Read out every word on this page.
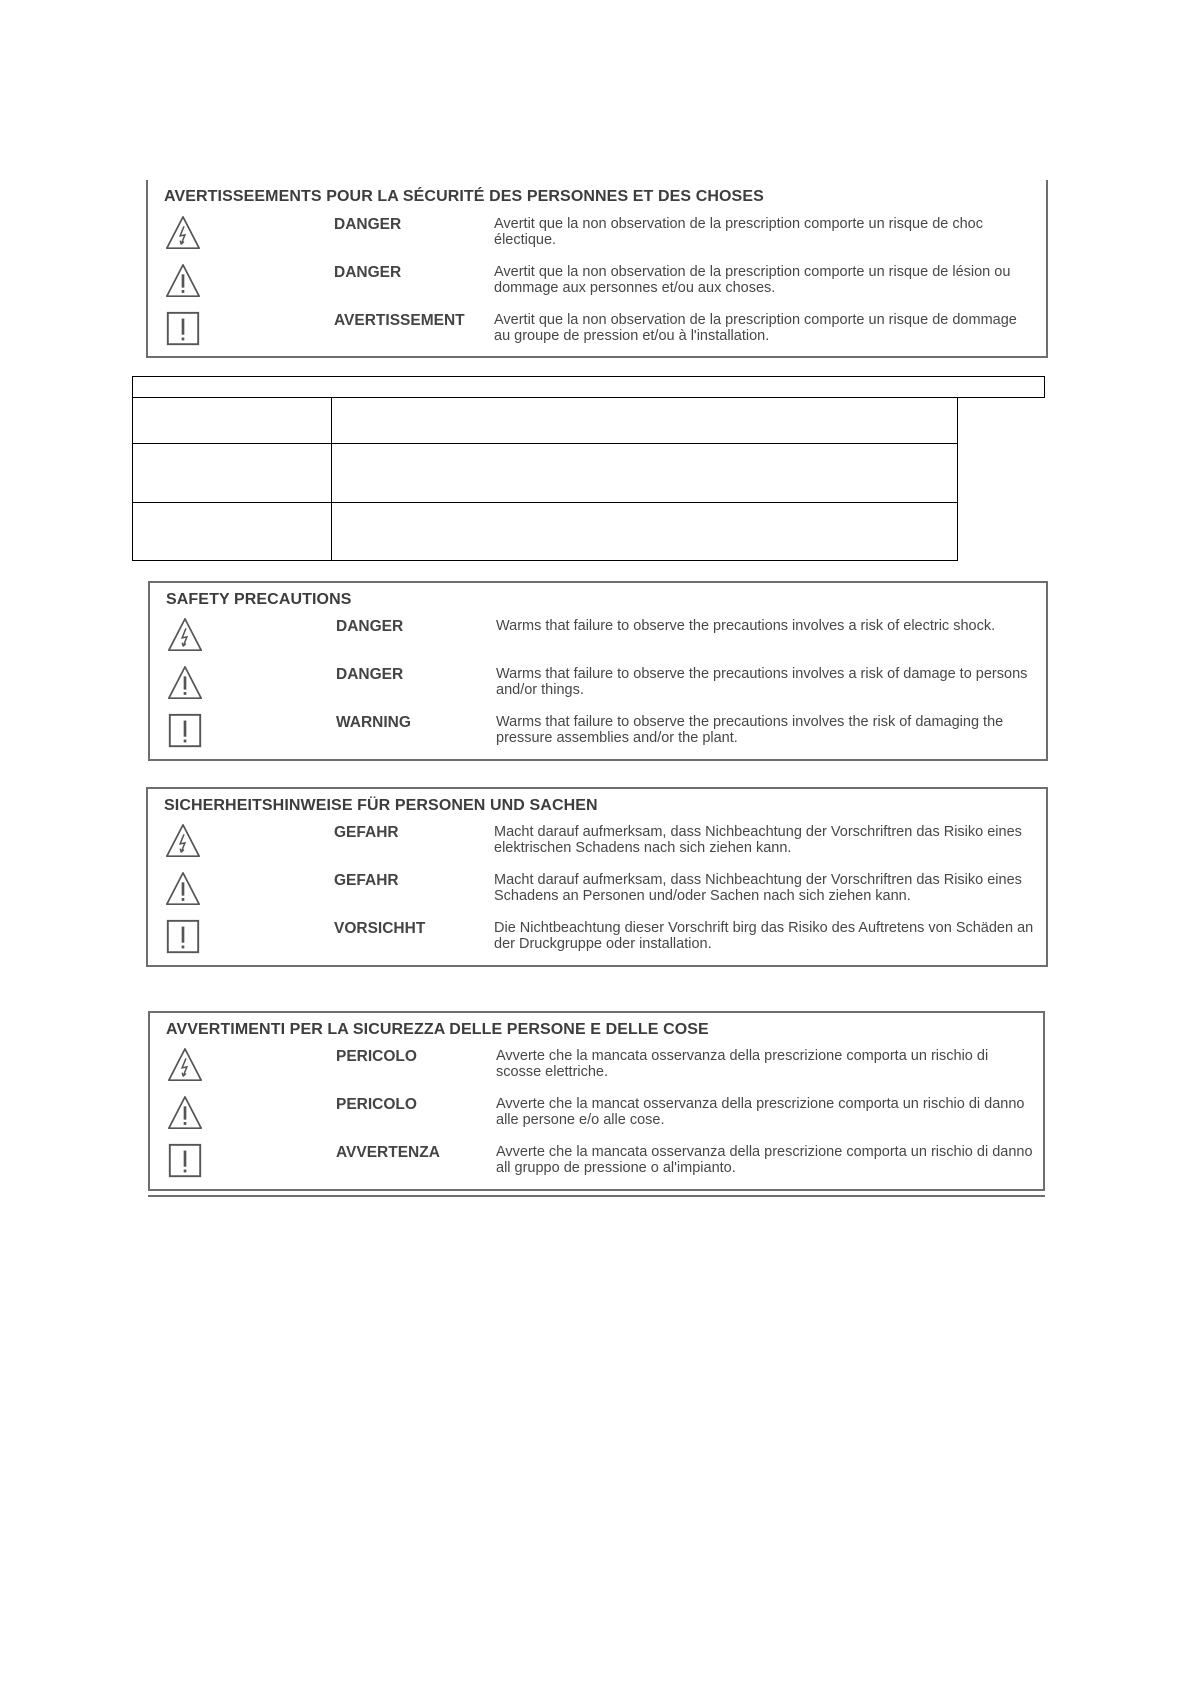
AVERTISSEEMENTS POUR LA SÉCURITÉ DES PERSONNES ET DES CHOSES
DANGER	Avertit que la non observation de la prescription comporte un risque de choc électique.
DANGER	Avertit que la non observation de la prescription comporte un risque de lésion ou dommage aux personnes et/ou aux choses.
AVERTISSEMENT Avertit que la non observation de la prescription comporte un risque de dommage au groupe de pression et/ou à l'installation.
SAFETY PRECAUTIONS
DANGER	Warms that failure to observe the precautions involves a risk of electric shock.
DANGER	Warms that failure to observe the precautions involves a risk of damage to persons and/or things.
WARNING	Warms that failure to observe the precautions involves the risk of damaging the pressure assemblies and/or the plant.
SICHERHEITSHINWEISE FÜR PERSONEN UND SACHEN
GEFAHR	Macht darauf aufmerksam, dass Nichbeachtung der Vorschriftren das Risiko eines elektrischen Schadens nach sich ziehen kann.
GEFAHR	Macht darauf aufmerksam, dass Nichbeachtung der Vorschriftren das Risiko eines Schadens an Personen und/oder Sachen nach sich ziehen kann.
VORSICHHT	Die Nichtbeachtung dieser Vorschrift birg das Risiko des Auftretens von Schäden an der Druckgruppe oder installation.
AVVERTIMENTI PER LA SICUREZZA DELLE PERSONE E DELLE COSE
PERICOLO	Avverte che la mancata osservanza della prescrizione comporta un rischio di scosse elettriche.
PERICOLO	Avverte che la mancat osservanza della prescrizione comporta un rischio di danno alle persone e/o alle cose.
AVVERTENZA	Avverte che la mancata osservanza della prescrizione comporta un rischio di danno all gruppo de pressione o al'impianto.
